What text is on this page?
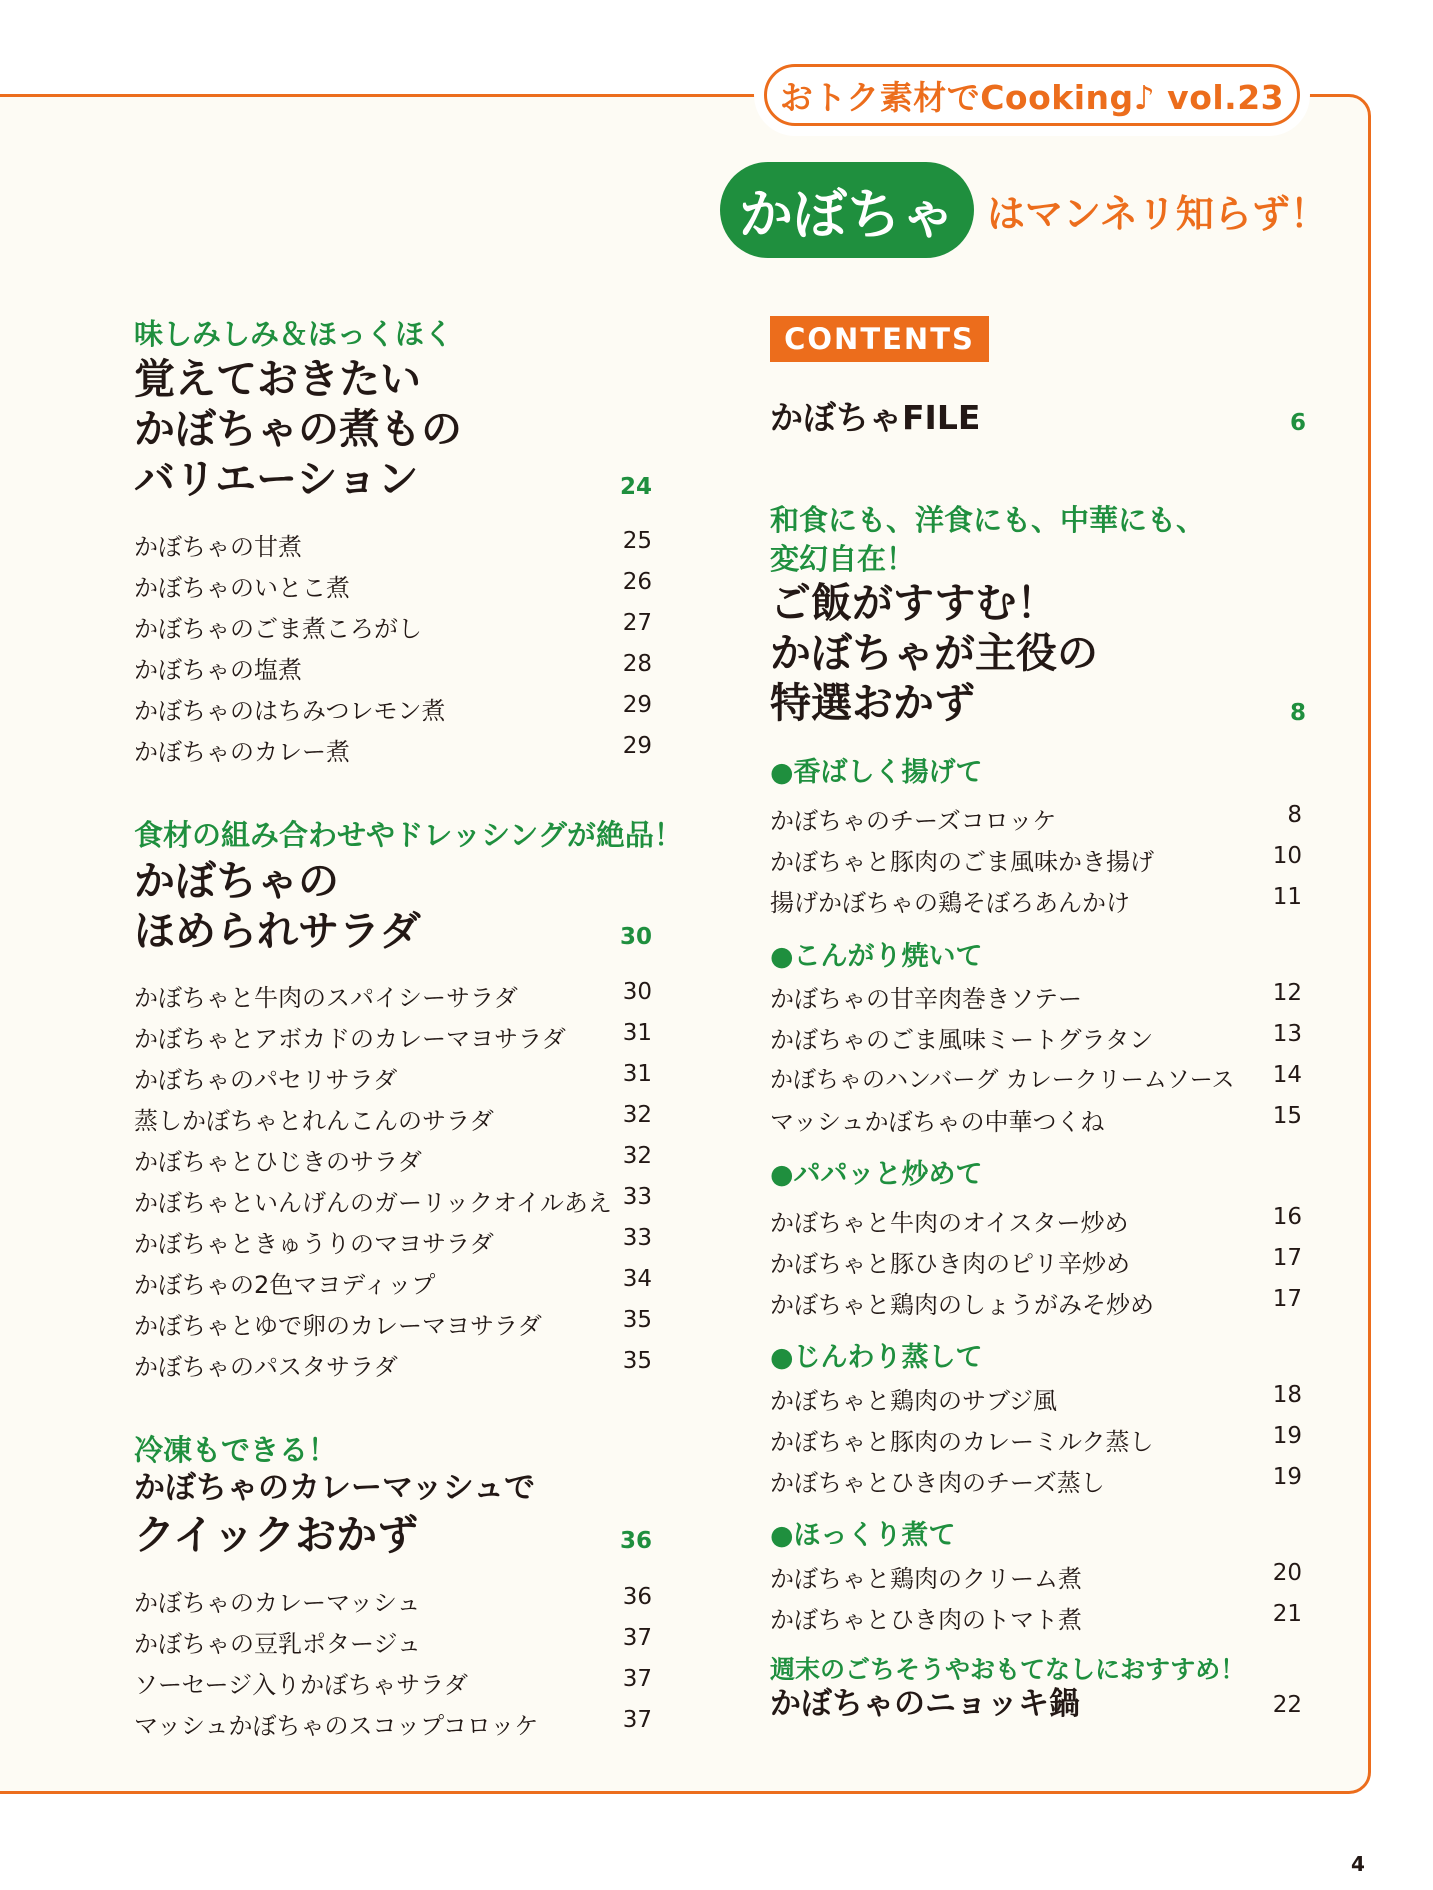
おトク素材でCooking♪ vol.23
かぼちゃ はマンネリ知らず！
味しみしみ＆ほっくほく
覚えておきたい
かぼちゃの煮もの
バリエーション	24
かぼちゃの甘煮	25
かぼちゃのいとこ煮	26
かぼちゃのごま煮ころがし	27
かぼちゃの塩煮	28
かぼちゃのはちみつレモン煮	29
かぼちゃのカレー煮	29
食材の組み合わせやドレッシングが絶品！
かぼちゃの
ほめられサラダ	30
かぼちゃと牛肉のスパイシーサラダ	30
かぼちゃとアボカドのカレーマヨサラダ	31
かぼちゃのパセリサラダ	31
蒸しかぼちゃとれんこんのサラダ	32
かぼちゃとひじきのサラダ	32
かぼちゃといんげんのガーリックオイルあえ 33
かぼちゃときゅうりのマヨサラダ	33
かぼちゃの2色マヨディップ	34
かぼちゃとゆで卵のカレーマヨサラダ	35
かぼちゃのパスタサラダ	35
冷凍もできる！
かぼちゃのカレーマッシュで
クイックおかず	36
かぼちゃのカレーマッシュ	36
かぼちゃの豆乳ポタージュ	37
ソーセージ入りかぼちゃサラダ	37
マッシュかぼちゃのスコップコロッケ	37
CONTENTS
かぼちゃFILE	6
和食にも、洋食にも、中華にも、
変幻自在！
ご飯がすすむ！
かぼちゃが主役の
特選おかず	8
●香ばしく揚げて
かぼちゃのチーズコロッケ	8
かぼちゃと豚肉のごま風味かき揚げ	10
揚げかぼちゃの鶏そぼろあんかけ	11
●こんがり焼いて
かぼちゃの甘辛肉巻きソテー	12
かぼちゃのごま風味ミートグラタン	13
かぼちゃのハンバーグ カレークリームソース	14
マッシュかぼちゃの中華つくね	15
●パパッと炒めて
かぼちゃと牛肉のオイスター炒め	16
かぼちゃと豚ひき肉のピリ辛炒め	17
かぼちゃと鶏肉のしょうがみそ炒め	17
●じんわり蒸して
かぼちゃと鶏肉のサブジ風	18
かぼちゃと豚肉のカレーミルク蒸し	19
かぼちゃとひき肉のチーズ蒸し	19
●ほっくり煮て
かぼちゃと鶏肉のクリーム煮	20
かぼちゃとひき肉のトマト煮	21
週末のごちそうやおもてなしにおすすめ！
かぼちゃのニョッキ鍋	22
4
